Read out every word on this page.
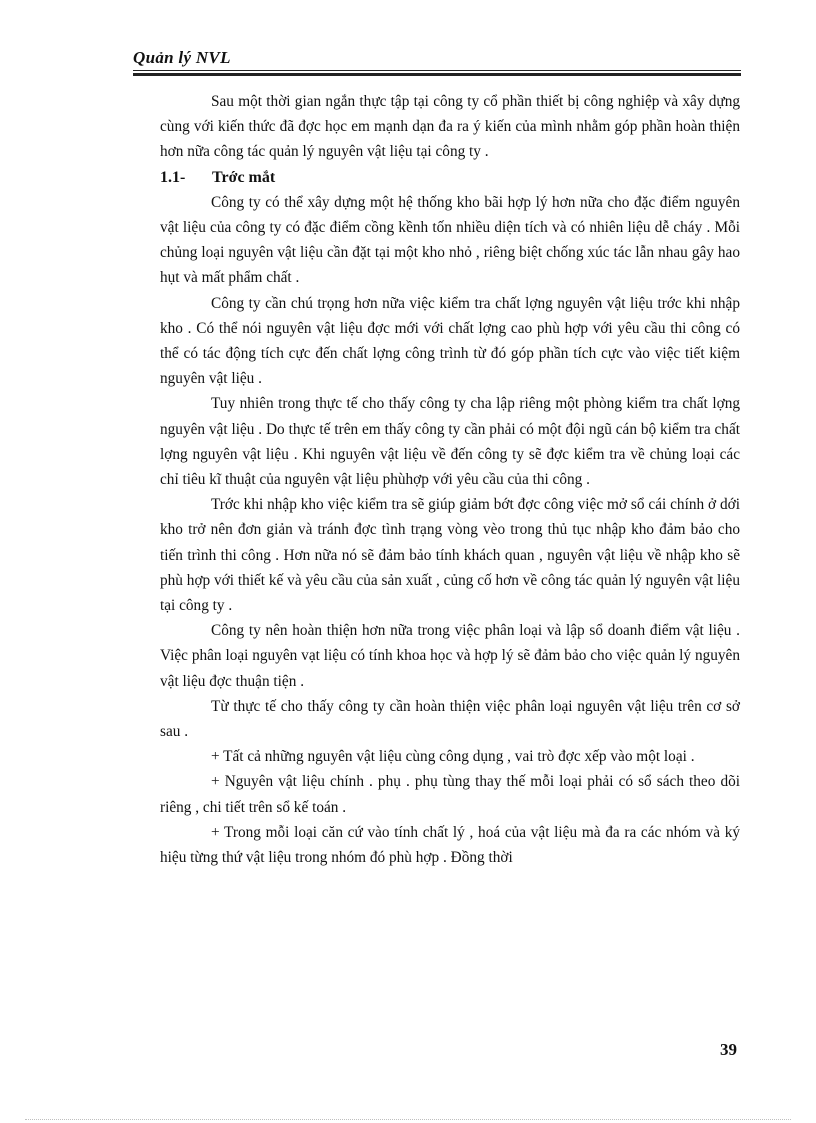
Quản lý NVL

Sau một thời gian ngắn thực tập tại công ty cổ phần thiết bị công nghiệp và xây dựng cùng với kiến thức đã đợc học em mạnh dạn đa ra ý kiến của mình nhằm góp phần hoàn thiện hơn nữa công tác quản lý nguyên vật liệu tại công ty .

1.1- Trớc mắt

Công ty có thể xây dựng một hệ thống kho bãi hợp lý hơn nữa cho đặc điểm nguyên vật liệu của công ty có đặc điểm cồng kềnh tốn nhiều diện tích và có nhiên liệu dễ cháy . Mỗi chủng loại nguyên vật liệu cần đặt tại một kho nhỏ , riêng biệt chống xúc tác lẫn nhau gây hao hụt và mất phẩm chất .

Công ty cần chú trọng hơn nữa việc kiểm tra chất lợng nguyên vật liệu trớc khi nhập kho . Có thể nói nguyên vật liệu đợc mới với chất lợng cao phù hợp với yêu cầu thi công có thể có tác động tích cực đến chất lợng công trình từ đó góp phần tích cực vào việc tiết kiệm nguyên vật liệu .

Tuy nhiên trong thực tế cho thấy công ty cha lập riêng một phòng kiểm tra chất lợng nguyên vật liệu . Do thực tế trên em thấy công ty cần phải có một đội ngũ cán bộ kiểm tra chất lợng nguyên vật liệu . Khi nguyên vật liệu về đến công ty sẽ đợc kiểm tra về chủng loại các chỉ tiêu kĩ thuật của nguyên vật liệu phùhợp với yêu cầu của thi công .

Trớc khi nhập kho việc kiểm tra sẽ giúp giảm bớt đợc công việc mở sổ cái chính ở dới kho trở nên đơn giản và tránh đợc tình trạng vòng vèo trong thủ tục nhập kho đảm bảo cho tiến trình thi công . Hơn nữa nó sẽ đảm bảo tính khách quan , nguyên vật liệu về nhập kho sẽ phù hợp với thiết kế và yêu cầu của sản xuất , củng cố hơn về công tác quản lý nguyên vật liệu tại công ty .

Công ty nên hoàn thiện hơn nữa trong việc phân loại và lập sổ doanh điểm vật liệu . Việc phân loại nguyên vạt liệu có tính khoa học và hợp lý sẽ đảm bảo cho việc quản lý nguyên vật liệu đợc thuận tiện .

Từ thực tế cho thấy công ty cần hoàn thiện việc phân loại nguyên vật liệu trên cơ sở sau .

+ Tất cả những nguyên vật liệu cùng công dụng , vai trò đợc xếp vào một loại .

+ Nguyên vật liệu chính . phụ . phụ tùng thay thế mỗi loại phải có sổ sách theo dõi riêng , chi tiết trên sổ kế toán .

+ Trong mỗi loại căn cứ vào tính chất lý , hoá của vật liệu mà đa ra các nhóm và ký hiệu từng thứ vật liệu trong nhóm đó phù hợp . Đồng thời

39
